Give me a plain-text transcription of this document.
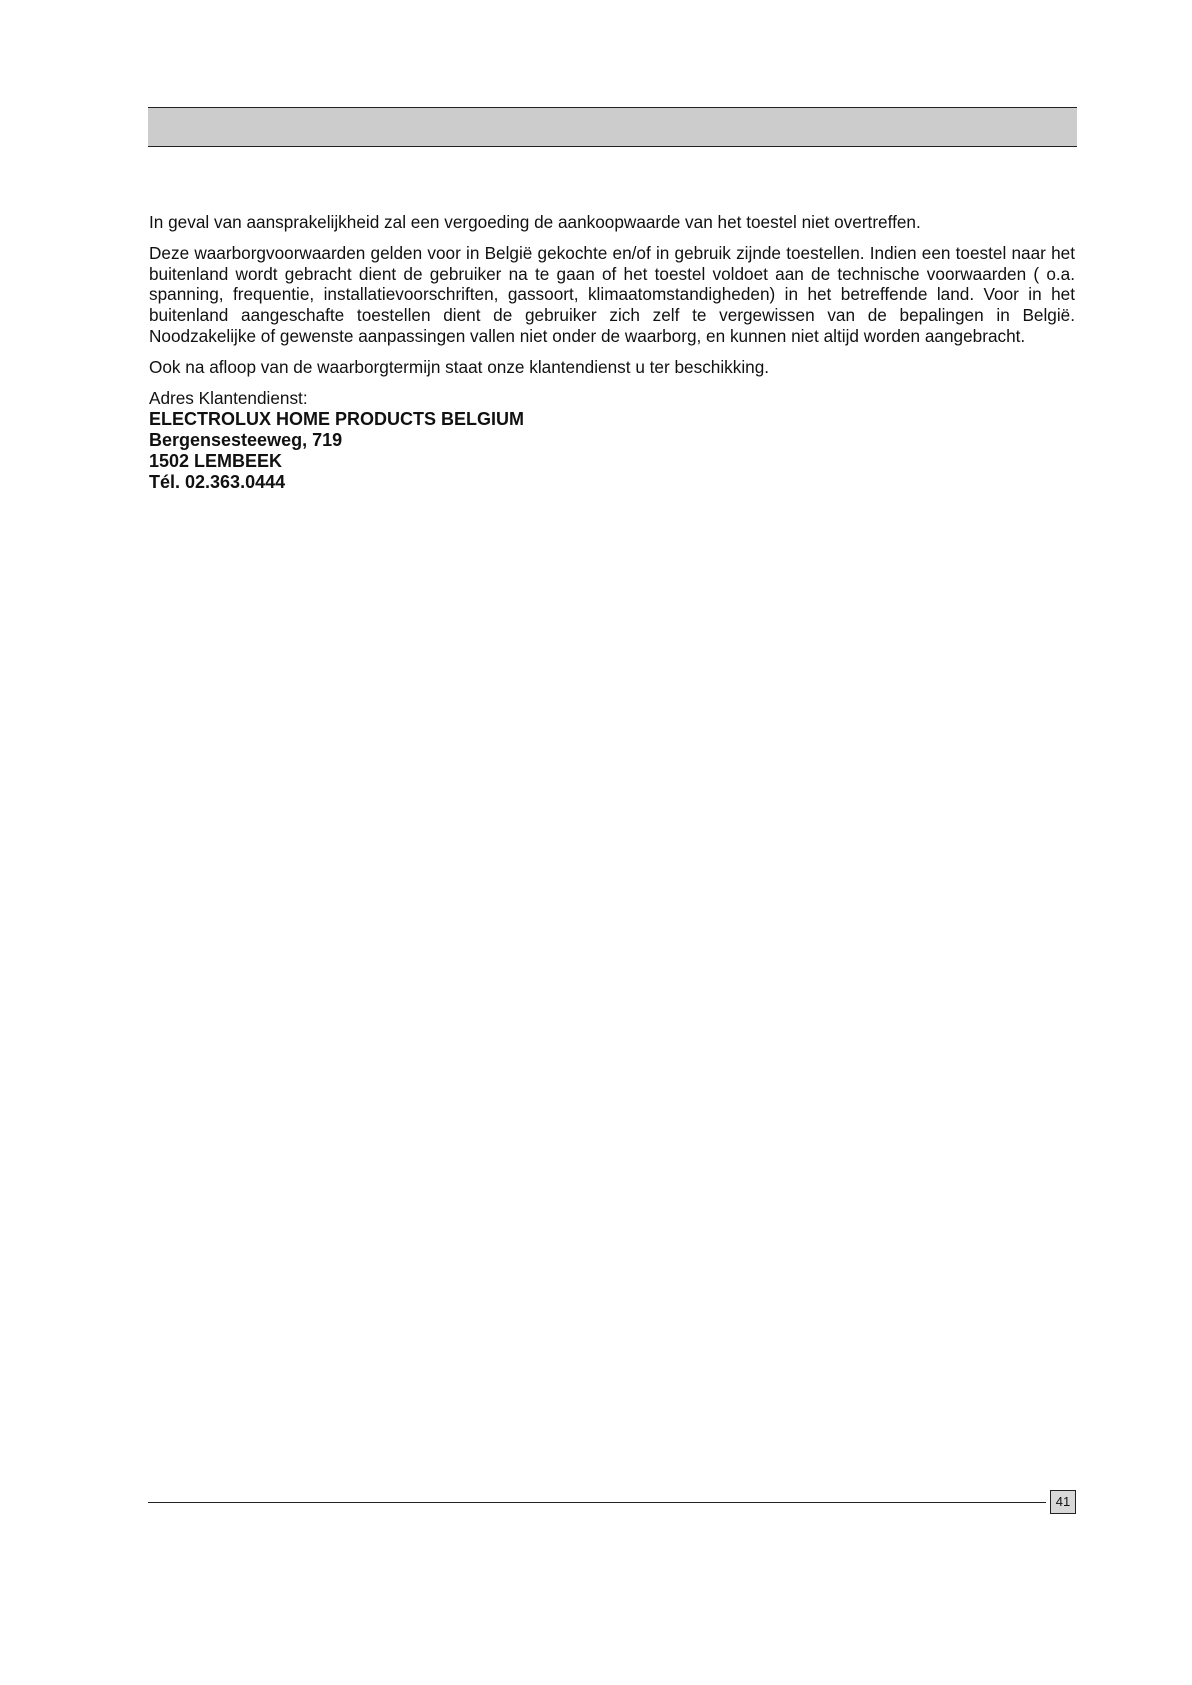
In geval van aansprakelijkheid zal een vergoeding de aankoopwaarde van het toestel niet overtreffen.

Deze waarborgvoorwaarden gelden voor in België gekochte en/of in gebruik zijnde toestellen. Indien een toestel naar het buitenland wordt gebracht dient de gebruiker na te gaan of het toestel voldoet aan de technische voorwaarden ( o.a. spanning, frequentie, installatievoorschriften, gassoort, klimaatomstandigheden) in het betreffende land. Voor in het buitenland aangeschafte toestellen dient de gebruiker zich zelf te vergewissen van de bepalingen in België. Noodzakelijke of gewenste aanpassingen vallen niet onder de waarborg, en kunnen niet altijd worden aangebracht.

Ook na afloop van de waarborgtermijn staat onze klantendienst u ter beschikking.

Adres Klantendienst:
ELECTROLUX HOME PRODUCTS BELGIUM
Bergensesteeweg, 719
1502 LEMBEEK
Tél. 02.363.0444
41
